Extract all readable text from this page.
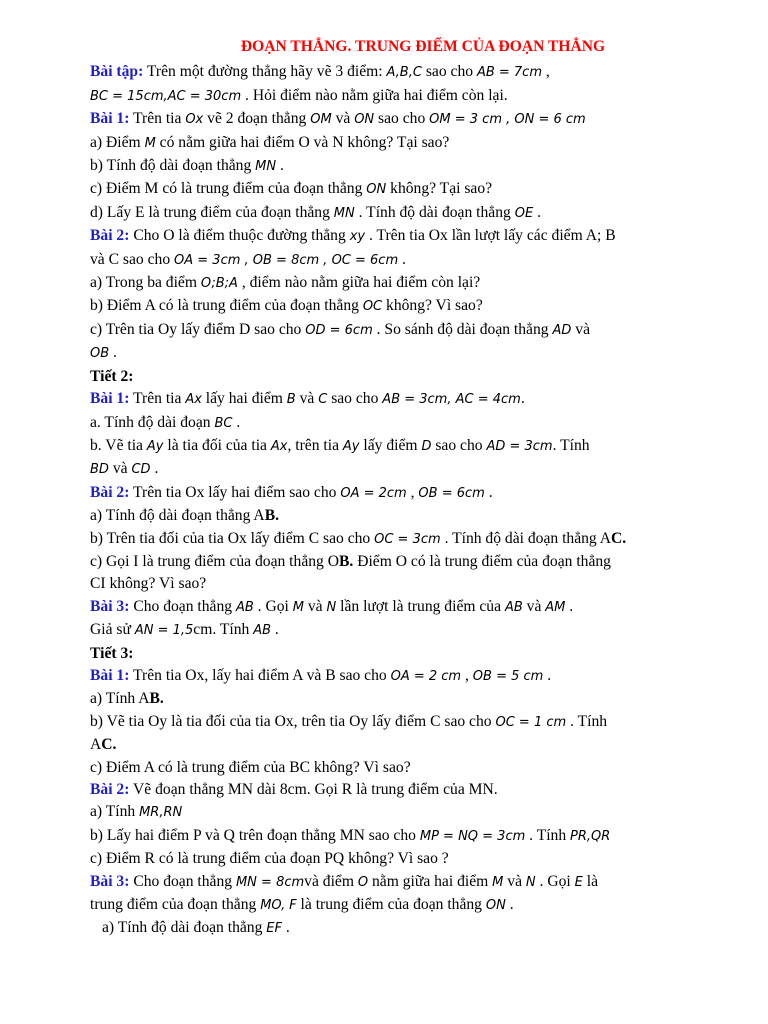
ĐOẠN THẲNG. TRUNG ĐIỂM CỦA ĐOẠN THẲNG

Bài tập: Trên một đường thẳng hãy vẽ 3 điểm: A,B,C sao cho AB = 7cm ,

BC = 15cm,AC = 30cm . Hỏi điểm nào nằm giữa hai điểm còn lại.

Bài 1: Trên tia Ox vẽ 2 đoạn thẳng OM và ON sao cho OM = 3 cm , ON = 6 cm

a) Điểm M có nằm giữa hai điểm O và N không? Tại sao?

b) Tính độ dài đoạn thẳng MN .

c) Điểm M có là trung điểm của đoạn thẳng ON không? Tại sao?

d) Lấy E là trung điểm của đoạn thẳng MN . Tính độ dài đoạn thẳng OE .

Bài 2: Cho O là điểm thuộc đường thẳng xy . Trên tia Ox lần lượt lấy các điểm A; B

và C sao cho OA = 3cm , OB = 8cm , OC = 6cm .

a) Trong ba điểm O;B;A , điểm nào nằm giữa hai điểm còn lại?

b) Điểm A có là trung điểm của đoạn thẳng OC không? Vì sao?

c) Trên tia Oy lấy điểm D sao cho OD = 6cm . So sánh độ dài đoạn thẳng AD và

OB .

Tiết 2:

Bài 1: Trên tia Ax lấy hai điểm B và C sao cho AB = 3cm, AC = 4cm.

a. Tính độ dài đoạn BC .

b. Vẽ tia Ay là tia đối của tia Ax, trên tia Ay lấy điểm D sao cho AD = 3cm. Tính

BD và CD .

Bài 2: Trên tia Ox lấy hai điểm sao cho OA = 2cm , OB = 6cm .

a) Tính độ dài đoạn thẳng AB.

b) Trên tia đối của tia Ox lấy điểm C sao cho OC = 3cm . Tính độ dài đoạn thẳng AC.

c) Gọi I là trung điểm của đoạn thẳng OB. Điểm O có là trung điểm của đoạn thẳng

CI không? Vì sao?

Bài 3: Cho đoạn thẳng AB . Gọi M và N lần lượt là trung điểm của AB và AM .

Giả sử AN = 1,5cm. Tính AB .

Tiết 3:

Bài 1: Trên tia Ox, lấy hai điểm A và B sao cho OA = 2 cm , OB = 5 cm .

a) Tính AB.

b) Vẽ tia Oy là tia đối của tia Ox, trên tia Oy lấy điểm C sao cho OC = 1 cm . Tính

AC.

c) Điểm A có là trung điểm của BC không? Vì sao?

Bài 2: Vẽ đoạn thẳng MN dài 8cm. Gọi R là trung điểm của MN.

a) Tính MR,RN

b) Lấy hai điểm P và Q trên đoạn thẳng MN sao cho MP = NQ = 3cm . Tính PR,QR

c) Điểm R có là trung điểm của đoạn PQ không? Vì sao ?

Bài 3: Cho đoạn thẳng MN = 8cmvà điểm O nằm giữa hai điểm M và N . Gọi E là

trung điểm của đoạn thẳng MO, F là trung điểm của đoạn thẳng ON .

a) Tính độ dài đoạn thẳng EF .
